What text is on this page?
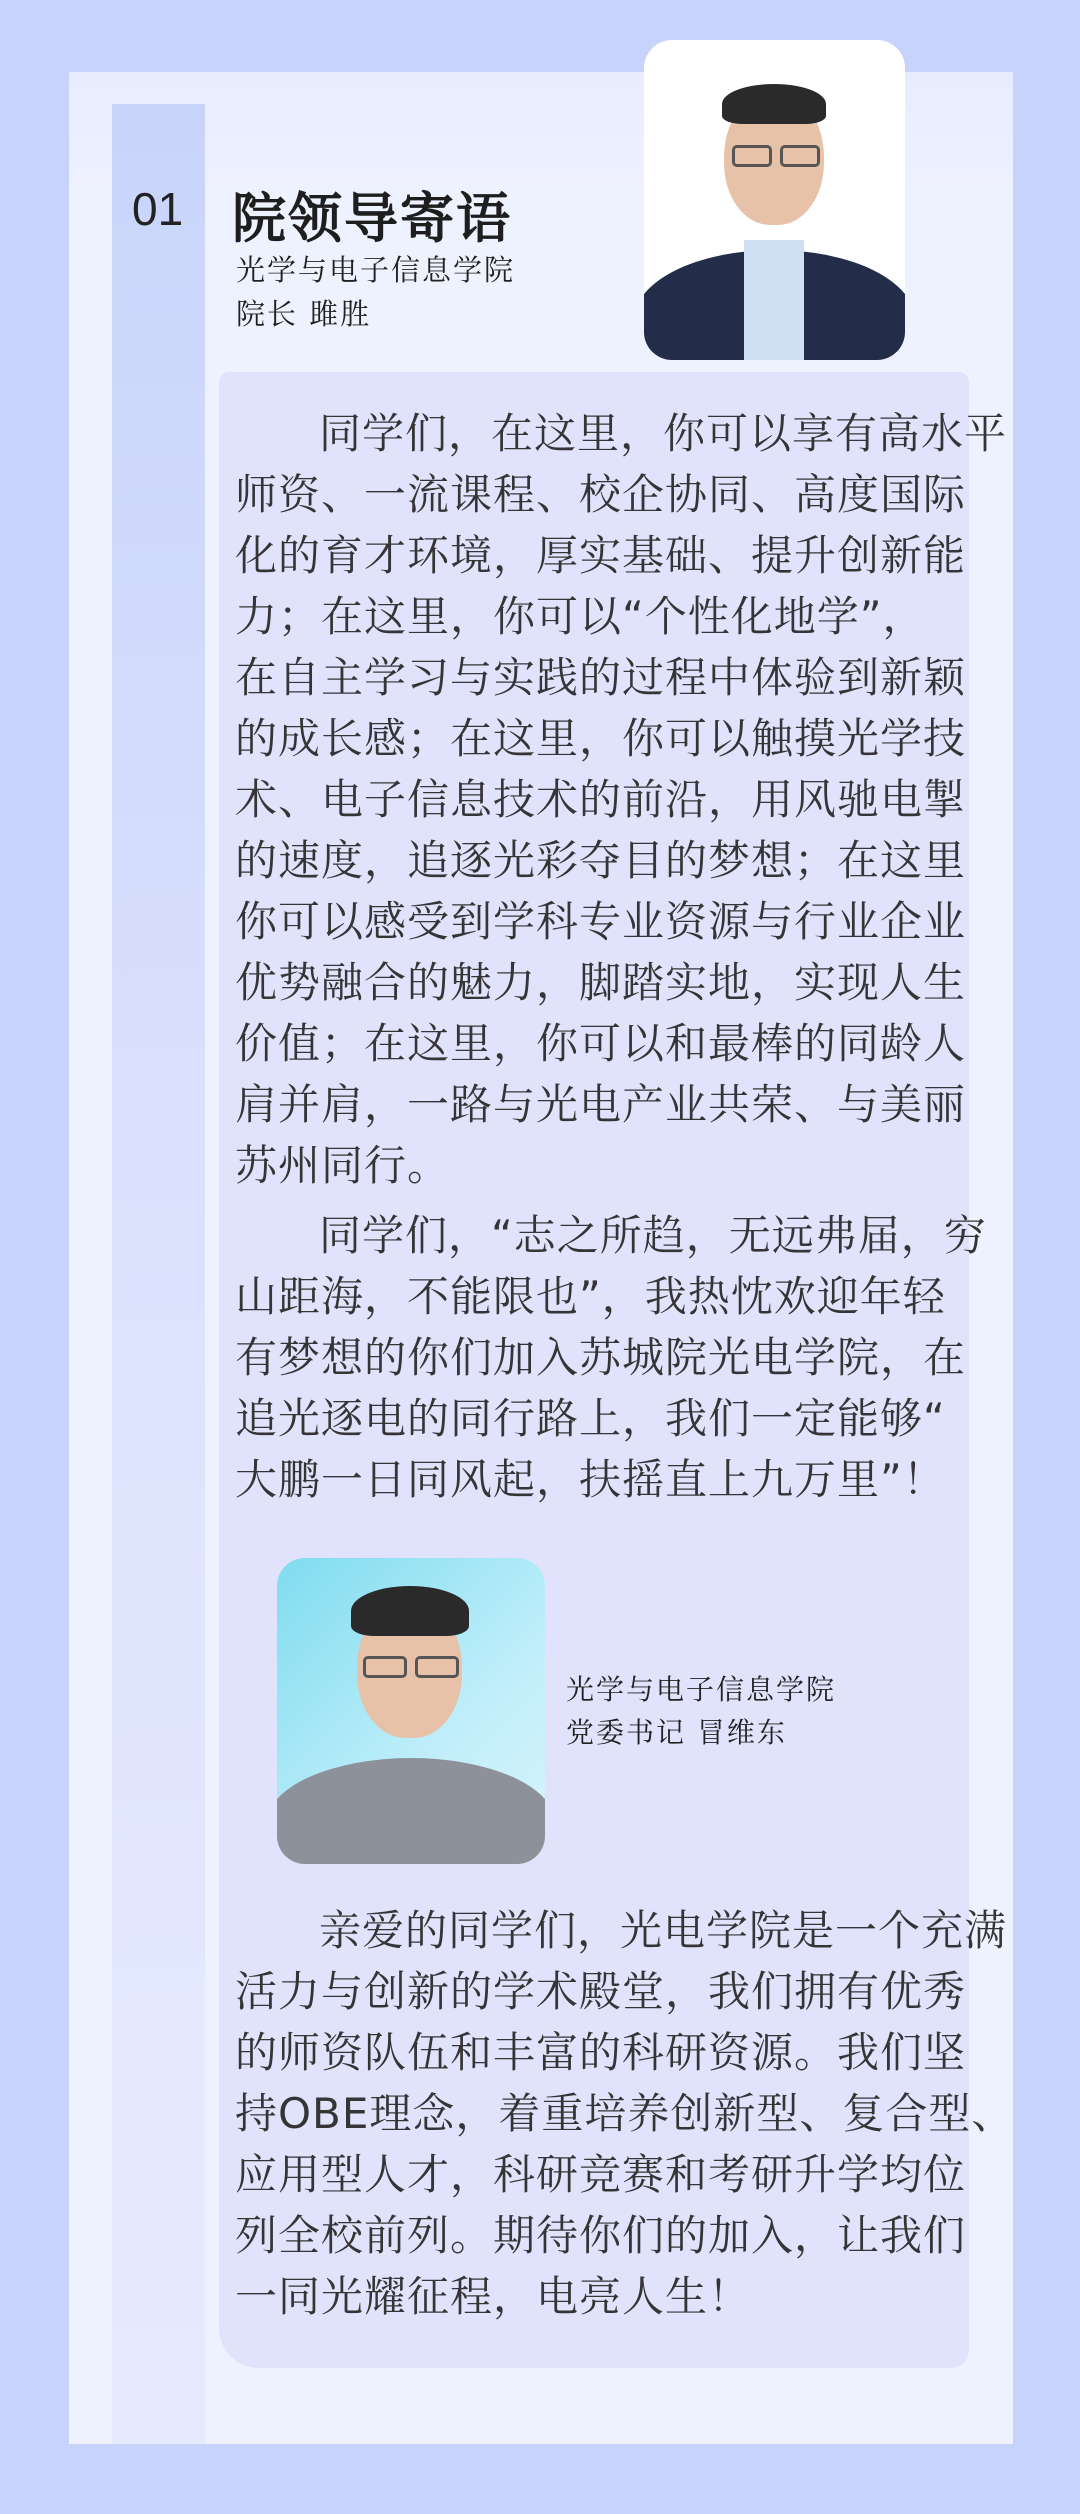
01 院领导寄语
光学与电子信息学院
院长 雎胜
同学们，在这里，你可以享有高水平
师资、一流课程、校企协同、高度国际
化的育才环境，厚实基础、提升创新能
力；在这里，你可以“个性化地学”，
在自主学习与实践的过程中体验到新颖
的成长感；在这里，你可以触摸光学技
术、电子信息技术的前沿，用风驰电掣
的速度，追逐光彩夺目的梦想；在这里
你可以感受到学科专业资源与行业企业
优势融合的魅力，脚踏实地，实现人生
价值；在这里，你可以和最棒的同龄人
肩并肩，一路与光电产业共荣、与美丽
苏州同行。
同学们，“志之所趋，无远弗届，穷
山距海，不能限也”，我热忱欢迎年轻
有梦想的你们加入苏城院光电学院，在
追光逐电的同行路上，我们一定能够“
大鹏一日同风起，扶摇直上九万里”！
光学与电子信息学院
党委书记 冒维东
亲爱的同学们，光电学院是一个充满
活力与创新的学术殿堂，我们拥有优秀
的师资队伍和丰富的科研资源。我们坚
持OBE理念，着重培养创新型、复合型、
应用型人才，科研竞赛和考研升学均位
列全校前列。期待你们的加入，让我们
一同光耀征程，电亮人生！
